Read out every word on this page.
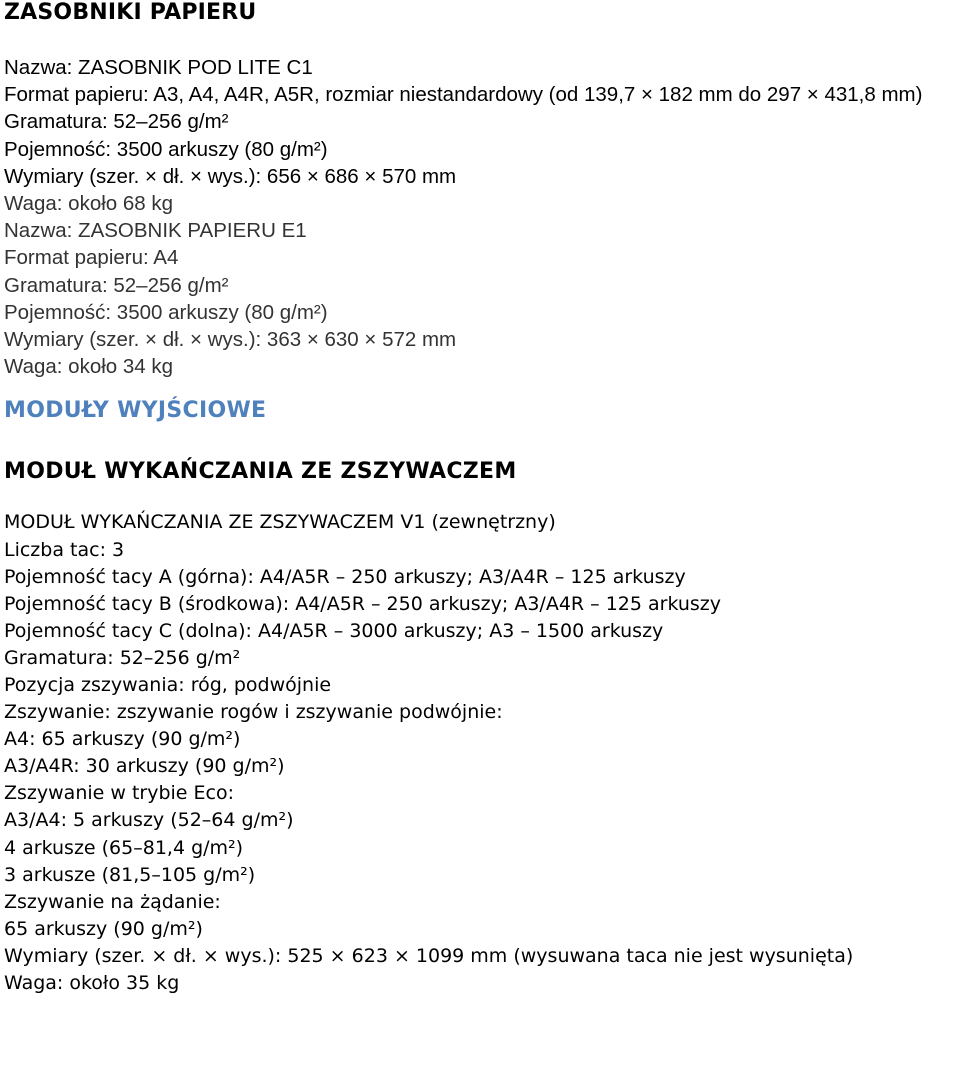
ZASOBNIKI PAPIERU
Nazwa: ZASOBNIK POD LITE C1
Format papieru: A3, A4, A4R, A5R, rozmiar niestandardowy (od 139,7 × 182 mm do 297 × 431,8 mm)
Gramatura: 52–256 g/m²
Pojemność: 3500 arkuszy (80 g/m²)
Wymiary (szer. × dł. × wys.): 656 × 686 × 570 mm
Waga: około 68 kg
Nazwa: ZASOBNIK PAPIERU E1
Format papieru: A4
Gramatura: 52–256 g/m²
Pojemność: 3500 arkuszy (80 g/m²)
Wymiary (szer. × dł. × wys.): 363 × 630 × 572 mm
Waga: około 34 kg
MODUŁY WYJŚCIOWE
MODUŁ WYKAŃCZANIA ZE ZSZYWACZEM
MODUŁ WYKAŃCZANIA ZE ZSZYWACZEM V1 (zewnętrzny)
Liczba tac: 3
Pojemność tacy A (górna): A4/A5R – 250 arkuszy; A3/A4R – 125 arkuszy
Pojemność tacy B (środkowa): A4/A5R – 250 arkuszy; A3/A4R – 125 arkuszy
Pojemność tacy C (dolna): A4/A5R – 3000 arkuszy; A3 – 1500 arkuszy
Gramatura: 52–256 g/m²
Pozycja zszywania: róg, podwójnie
Zszywanie: zszywanie rogów i zszywanie podwójnie:
A4: 65 arkuszy (90 g/m²)
A3/A4R: 30 arkuszy (90 g/m²)
Zszywanie w trybie Eco:
A3/A4: 5 arkuszy (52–64 g/m²)
4 arkusze (65–81,4 g/m²)
3 arkusze (81,5–105 g/m²)
Zszywanie na żądanie:
65 arkuszy (90 g/m²)
Wymiary (szer. × dł. × wys.): 525 × 623 × 1099 mm (wysuwana taca nie jest wysunięta)
Waga: około 35 kg
